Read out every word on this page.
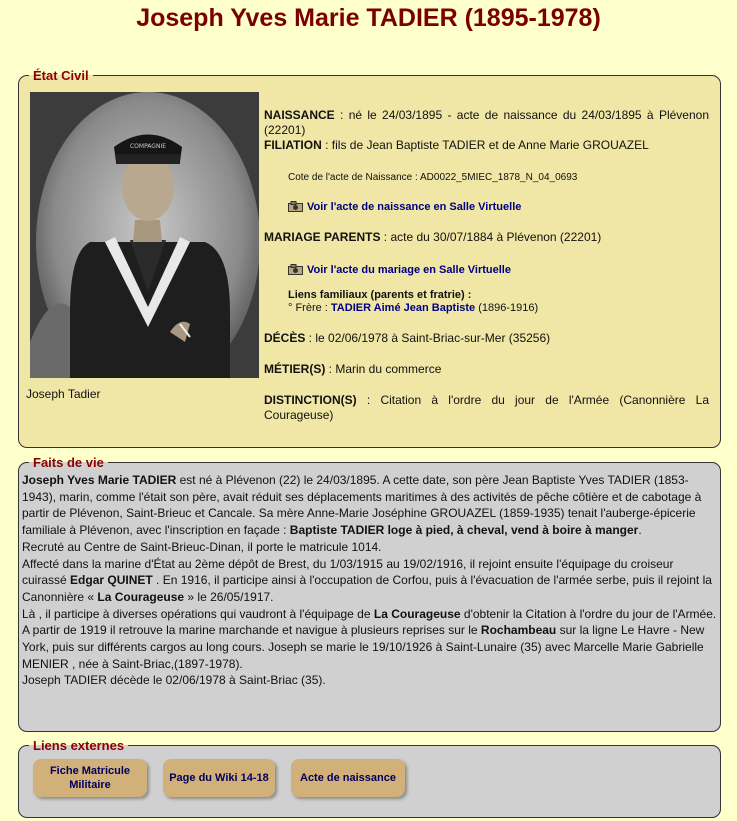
Joseph Yves Marie TADIER (1895-1978)
État Civil
COMPAGNIE
Joseph Tadier

NAISSANCE : né le 24/03/1895 - acte de naissance du 24/03/1895 à Plévenon (22201)

FILIATION : fils de Jean Baptiste TADIER et de Anne Marie GROUAZEL

Cote de l'acte de Naissance : AD0022_5MIEC_1878_N_04_0693

Voir l'acte de naissance en Salle Virtuelle

MARIAGE PARENTS : acte du 30/07/1884 à Plévenon (22201)

Voir l'acte du mariage en Salle Virtuelle

Liens familiaux (parents et fratrie) :

° Frère : TADIER Aimé Jean Baptiste (1896-1916)

DÉCÈS : le 02/06/1978 à Saint-Briac-sur-Mer (35256)

MÉTIER(S) : Marin du commerce

DISTINCTION(S) : Citation à l'ordre du jour de l'Armée (Canonnière La Courageuse)

Faits de vie

Joseph Yves Marie TADIER est né à Plévenon (22) le 24/03/1895. A cette date, son père Jean Baptiste Yves TADIER (1853-1943), marin, comme l'était son père, avait réduit ses déplacements maritimes à des activités de pêche côtière et de cabotage à partir de Plévenon, Saint-Brieuc et Cancale. Sa mère Anne-Marie Joséphine GROUAZEL (1859-1935) tenait l'auberge-épicerie familiale à Plévenon, avec l'inscription en façade : Baptiste TADIER loge à pied, à cheval, vend à boire à manger.

Recruté au Centre de Saint-Brieuc-Dinan, il porte le matricule 1014.

Affecté dans la marine d'État au 2ème dépôt de Brest, du 1/03/1915 au 19/02/1916, il rejoint ensuite l'équipage du croiseur cuirassé Edgar QUINET . En 1916, il participe ainsi à l'occupation de Corfou, puis à l'évacuation de l'armée serbe, puis il rejoint la Canonnière « La Courageuse » le 26/05/1917.

Là , il participe à diverses opérations qui vaudront à l'équipage de La Courageuse d'obtenir la Citation à l'ordre du jour de l'Armée.

A partir de 1919 il retrouve la marine marchande et navigue à plusieurs reprises sur le Rochambeau sur la ligne Le Havre - New York, puis sur différents cargos au long cours. Joseph se marie le 19/10/1926 à Saint-Lunaire (35) avec Marcelle Marie Gabrielle MENIER , née à Saint-Briac,(1897-1978).

Joseph TADIER décède le 02/06/1978 à Saint-Briac (35).

Liens externes
Fiche Matricule
Militaire
Page du Wiki 14-18	Acte de naissance
